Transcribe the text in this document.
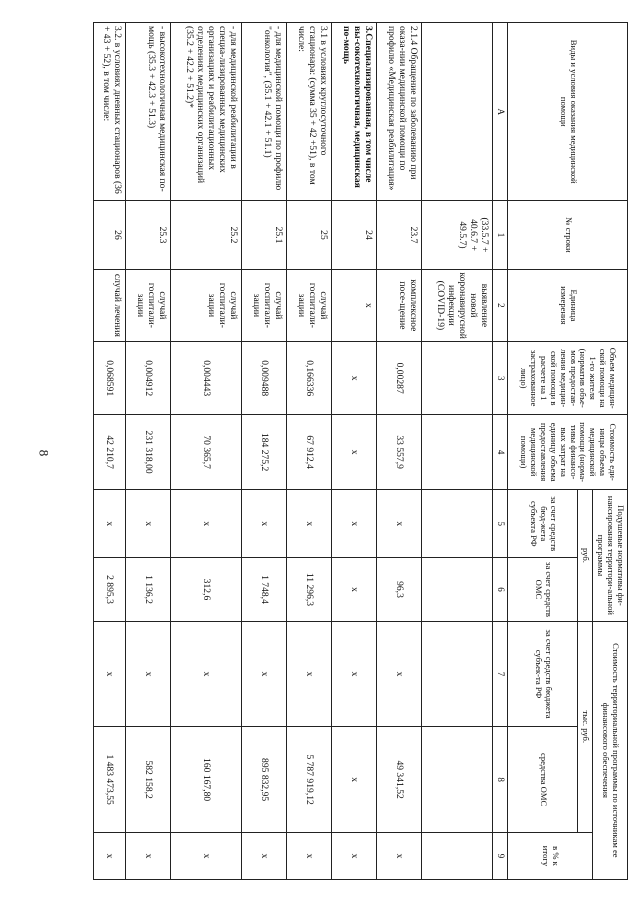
8
Виды и условия оказания медицинской помощи	№ строки	Единица измерения	Объем медицин-ской помощи на 1-го жителя (норматив объе-мов предостав-ления медицин-ской помощи в расчете на 1 застрахованное лицо)	Стоимость еди-ницы объема медицинской помощи (норма-тивы финансо-вых затрат на единицу объема предоставления медицинской помощи)	Подушевые нормативы фи-нансирования территори-альной программы		Стоимость территориальной программы по источникам ее финансового обеспечения		
					руб.		тыс. руб.		в % к итогу
					за счет средств бюд-жета субъекта РФ	за счет средств ОМС	за счет средств бюджета субъек-та РФ	средства ОМС	
А	1	2	3	4	5	6	7	8	9
	(33.5.7 + 40.6.7 + 49.5.7)	выявление новой коронавирусной инфекции (COVID-19)							
2.1.4 Обращение по заболеванию при оказа-нии медицинской помощи по профилю «Медицинская реабилитация»	23.7	комплексное посе-щение	0,00287	33 557,9	х	96,3	х	49 341,52	х
3.Специализированная, в том числе вы-сокотехнологичная, медицинская по-мощь	24	х	х	х	х	х	х	х	х
3.1 в условиях круглосуточного стационара: (сумма 35 + 42 +51), в том числе:	25	случай госпитали-зации	0,166336	67 912,4	х	11 296,3	х	5 787 919,12	х
- для медицинской помощи по профилю "онкология", (35.1 + 42.1 + 51.1)	25.1	случай госпитали-зации	0,009488	184 275,2	х	1 748,4	х	895 832,95	х
- для медицинской реабилитации в специа-лизированных медицинских организациях и реабилитационных отделениях медицинских организаций (35.2 + 42.2 + 51.2)*	25.2	случай госпитали-зации	0,004443	70 365,7	х	312,6	х	160 167,80	х
- высокотехнологичная медицинская по-мощь (35.3 + 42.3 + 51.3)	25.3	случай госпитали-зации	0,004912	231 318,00	х	1 136,2	х	582 158,2	х
3.2. в условиях дневных стационаров (36 + 43 + 52), в том числе:	26	случай лечения	0,068591	42 210,7	х	2 895,3	х	1 483 473,55	х
